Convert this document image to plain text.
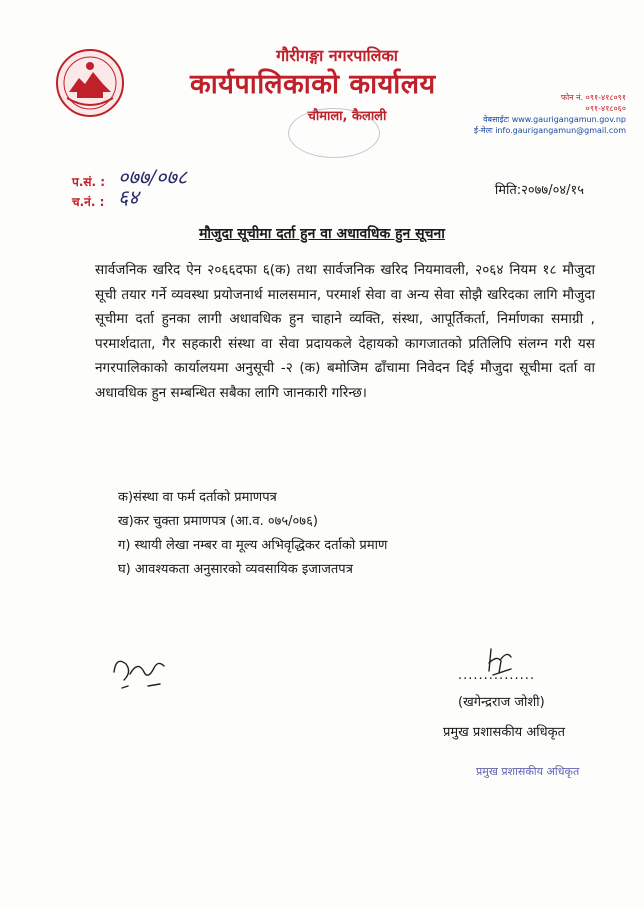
गौरीगङ्गा नगरपालिका
कार्यपालिकाको कार्यालय
चौमाला, कैलाली
फोन नं. ०९१-४१८०९१
०९१-४१८०६०
वेबसाईटः www.gaurigangamun.gov.np
ई-मेलः info.gaurigangamun@gmail.com
प.सं. : ०७७/०७८
च.नं. : ६४	मिति:२०७७/०४/१५
मौजुदा सूचीमा दर्ता हुन वा अधावधिक हुन सूचना
सार्वजनिक खरिद ऐन २०६६दफा ६(क) तथा सार्वजनिक खरिद नियमावली, २०६४ नियम १८ मौजुदा सूची तयार गर्ने व्यवस्था प्रयोजनार्थ मालसमान, परमार्श सेवा वा अन्य सेवा सोझै खरिदका लागि मौजुदा सूचीमा दर्ता हुनका लागी अधावधिक हुन चाहाने व्यक्ति, संस्था, आपूर्तिकर्ता, निर्माणका समाग्री , परमार्शदाता, गैर सहकारी संस्था वा सेवा प्रदायकले देहायको कागजातको प्रतिलिपि संलग्न गरी यस नगरपालिकाको कार्यालयमा अनुसूची -२ (क) बमोजिम ढाँचामा निवेदन दिई मौजुदा सूचीमा दर्ता वा अधावधिक हुन सम्बन्धित सबैका लागि जानकारी गरिन्छ।
क)संस्था वा फर्म दर्ताको प्रमाणपत्र
ख)कर चुक्ता प्रमाणपत्र (आ.व. ०७५/०७६)
ग) स्थायी लेखा नम्बर वा मूल्य अभिवृद्धिकर दर्ताको प्रमाण
घ) आवश्यकता अनुसारको व्यवसायिक इजाजतपत्र
...............
(खगेन्द्रराज जोशी)
प्रमुख प्रशासकीय अधिकृत
प्रमुख प्रशासकीय अधिकृत
